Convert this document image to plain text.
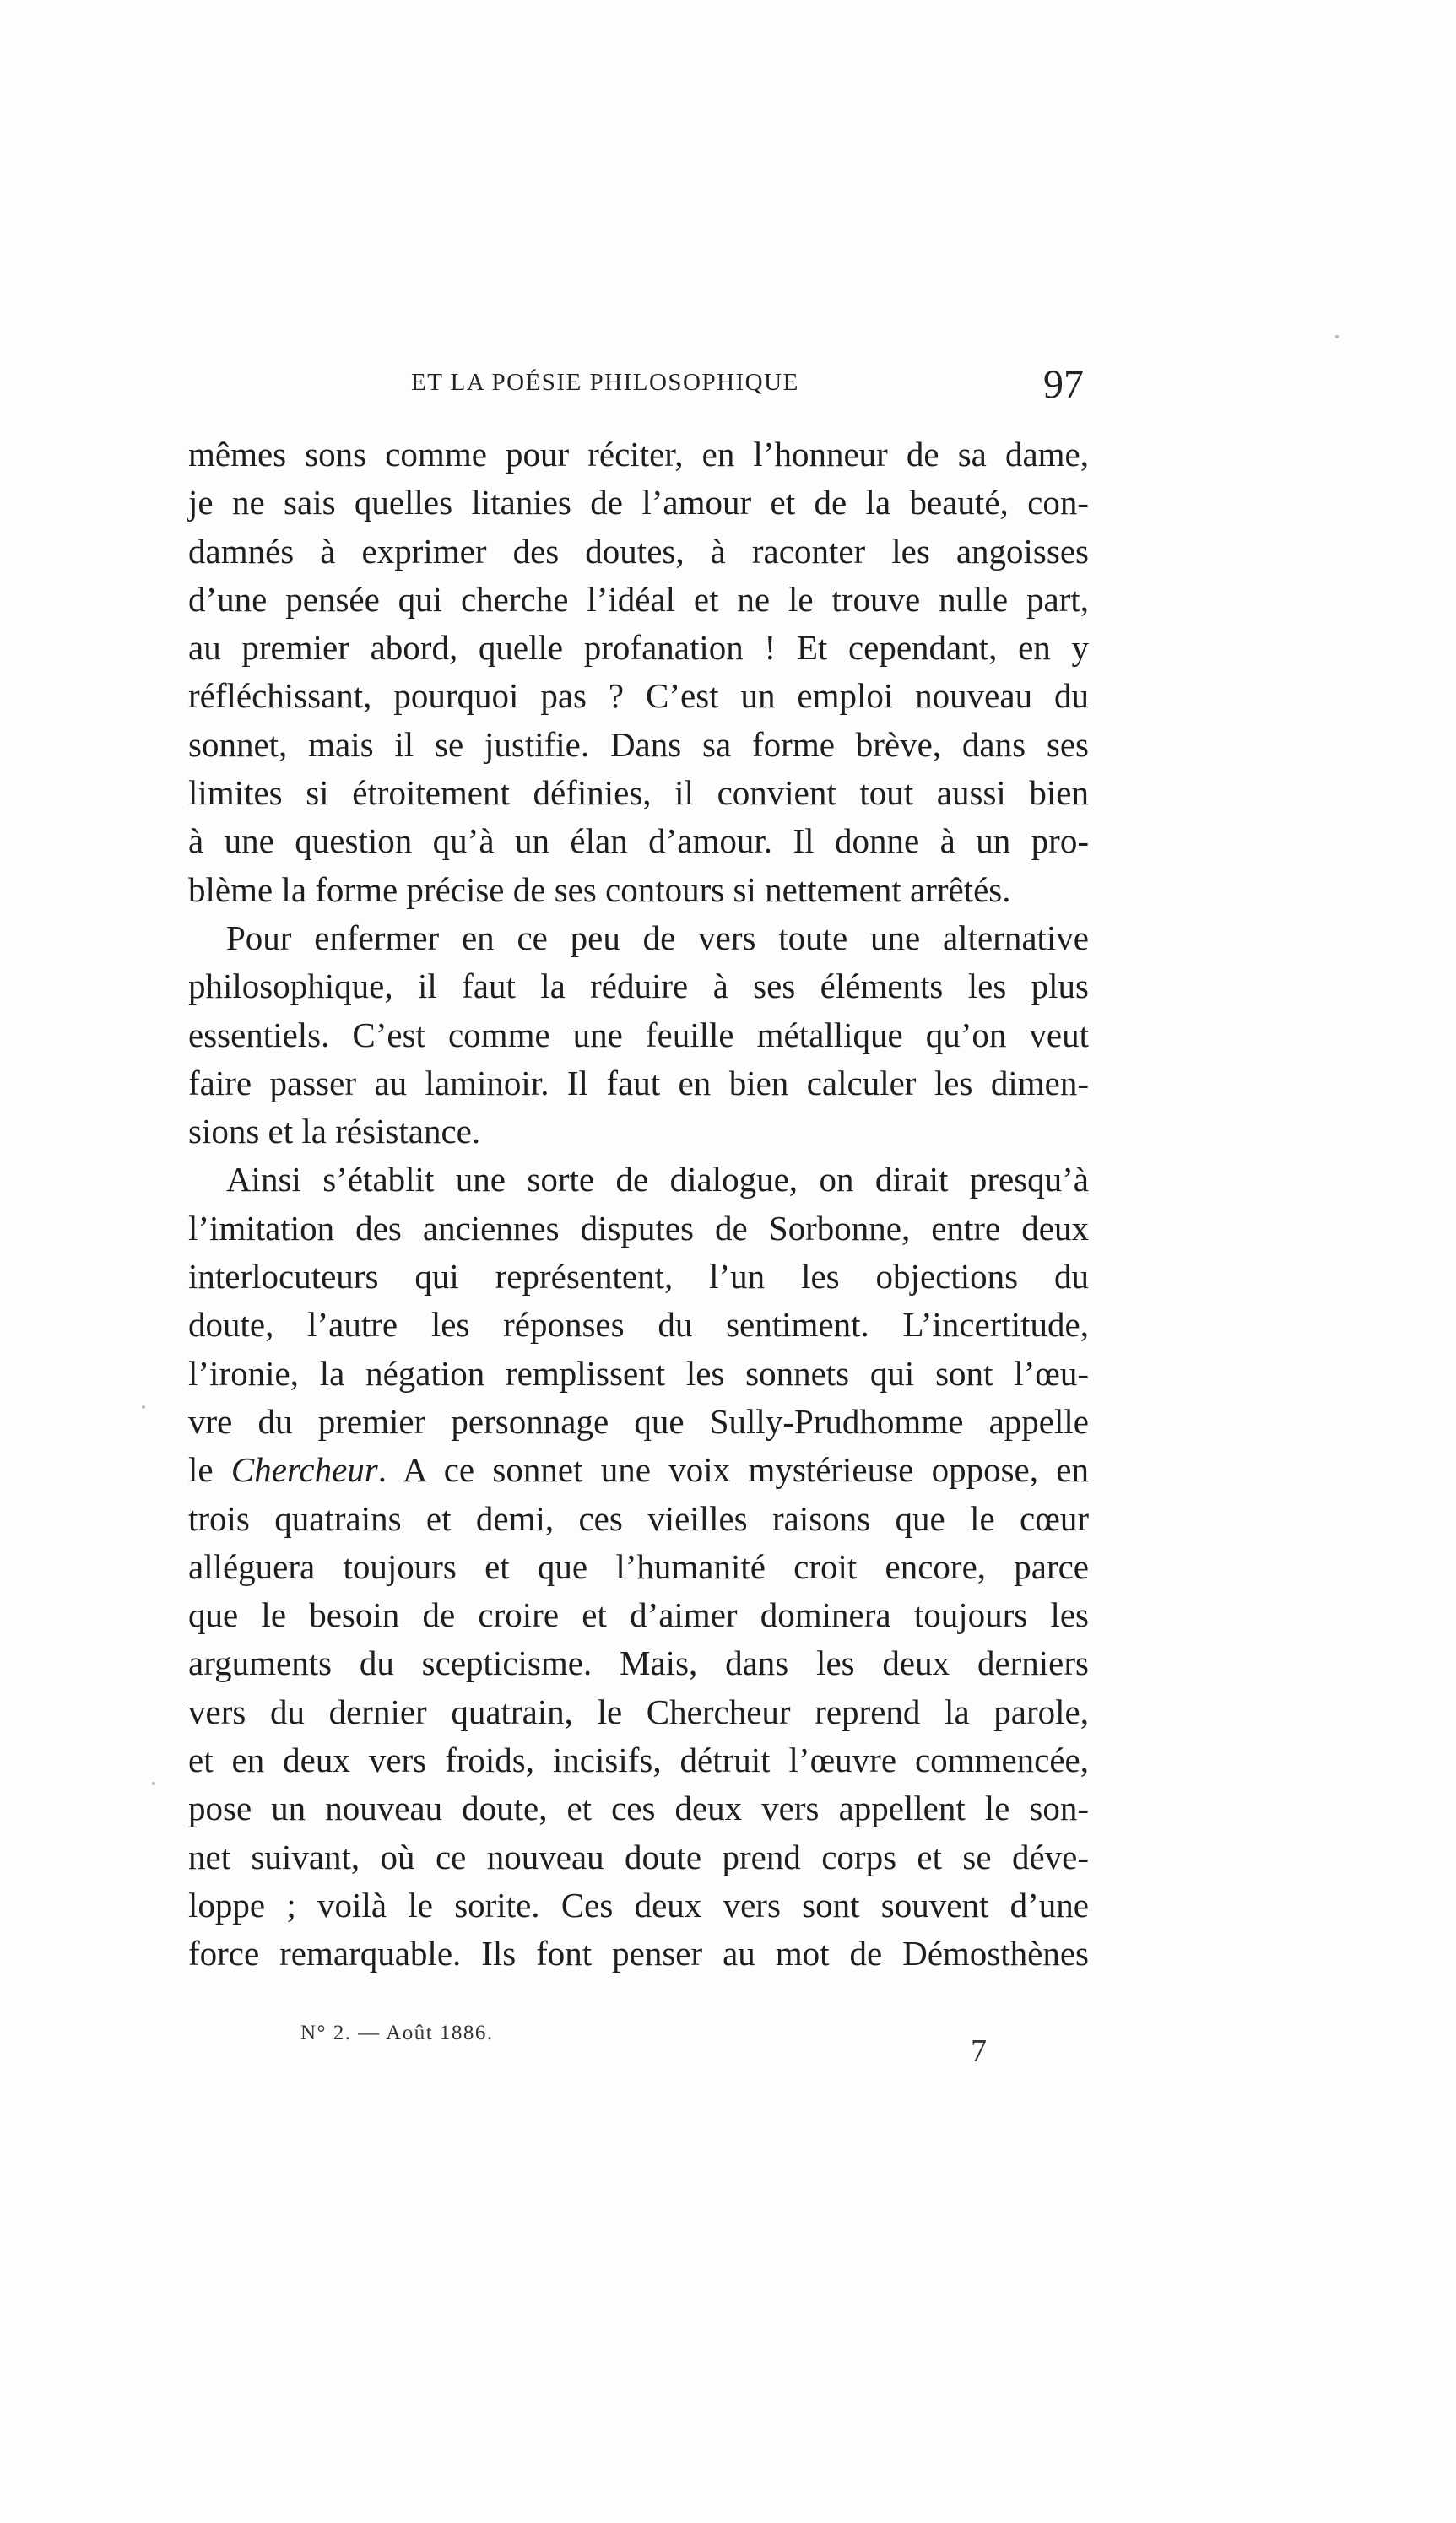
ET LA POÉSIE PHILOSOPHIQUE	97
mêmes sons comme pour réciter, en l’honneur de sa dame,
je ne sais quelles litanies de l’amour et de la beauté, con-
damnés à exprimer des doutes, à raconter les angoisses
d’une pensée qui cherche l’idéal et ne le trouve nulle part,
au premier abord, quelle profanation ! Et cependant, en y
réfléchissant, pourquoi pas ? C’est un emploi nouveau du
sonnet, mais il se justifie. Dans sa forme brève, dans ses
limites si étroitement définies, il convient tout aussi bien
à une question qu’à un élan d’amour. Il donne à un pro-
blème la forme précise de ses contours si nettement arrêtés.
Pour enfermer en ce peu de vers toute une alternative
philosophique, il faut la réduire à ses éléments les plus
essentiels. C’est comme une feuille métallique qu’on veut
faire passer au laminoir. Il faut en bien calculer les dimen-
sions et la résistance.
Ainsi s’établit une sorte de dialogue, on dirait presqu’à
l’imitation des anciennes disputes de Sorbonne, entre deux
interlocuteurs qui représentent, l’un les objections du
doute, l’autre les réponses du sentiment. L’incertitude,
l’ironie, la négation remplissent les sonnets qui sont l’œu-
vre du premier personnage que Sully-Prudhomme appelle
le Chercheur. A ce sonnet une voix mystérieuse oppose, en
trois quatrains et demi, ces vieilles raisons que le cœur
alléguera toujours et que l’humanité croit encore, parce
que le besoin de croire et d’aimer dominera toujours les
arguments du scepticisme. Mais, dans les deux derniers
vers du dernier quatrain, le Chercheur reprend la parole,
et en deux vers froids, incisifs, détruit l’œuvre commencée,
pose un nouveau doute, et ces deux vers appellent le son-
net suivant, où ce nouveau doute prend corps et se déve-
loppe ; voilà le sorite. Ces deux vers sont souvent d’une
force remarquable. Ils font penser au mot de Démosthènes
N° 2. — Août 1886.
7
